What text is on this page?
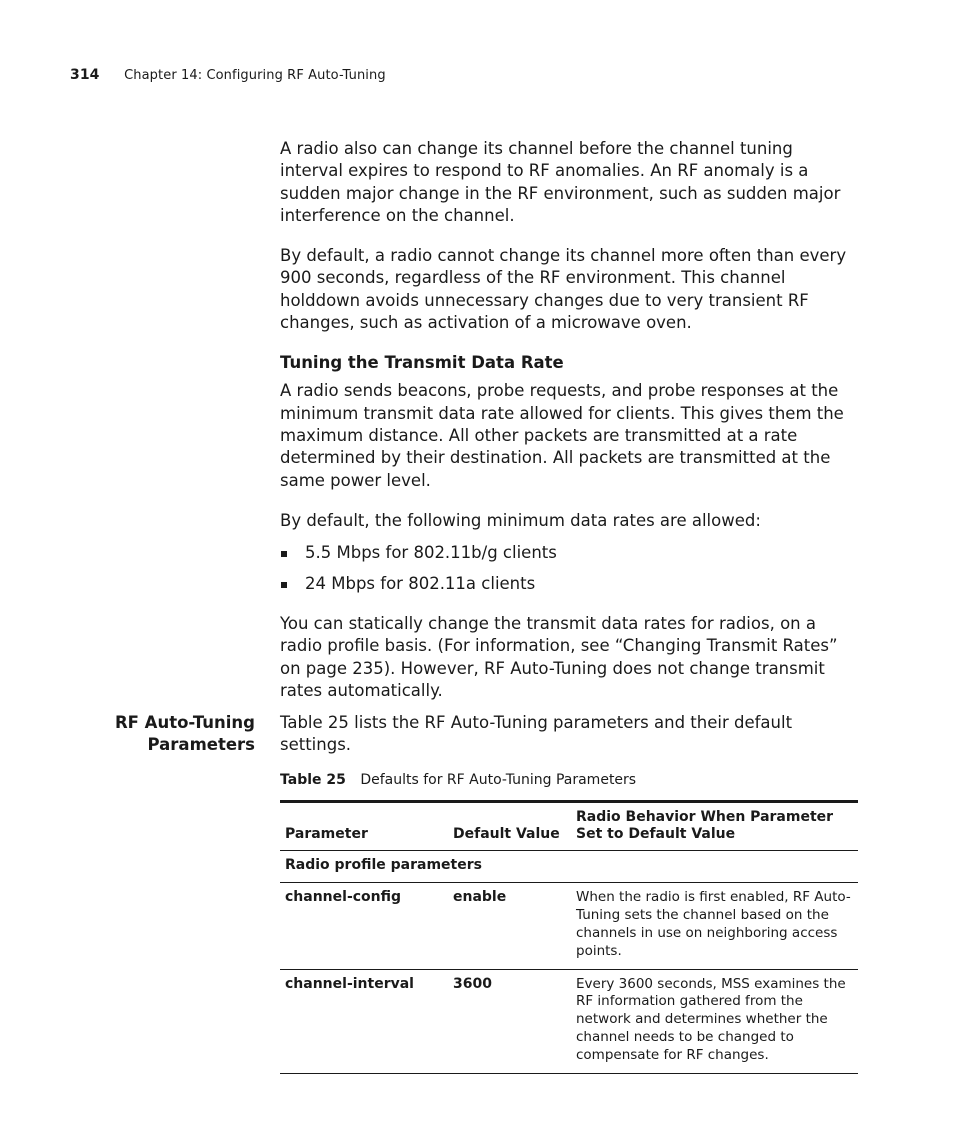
314 Chapter 14: Configuring RF Auto-Tuning

A radio also can change its channel before the channel tuning interval expires to respond to RF anomalies. An RF anomaly is a sudden major change in the RF environment, such as sudden major interference on the channel.

By default, a radio cannot change its channel more often than every 900 seconds, regardless of the RF environment. This channel holddown avoids unnecessary changes due to very transient RF changes, such as activation of a microwave oven.

Tuning the Transmit Data Rate

A radio sends beacons, probe requests, and probe responses at the minimum transmit data rate allowed for clients. This gives them the maximum distance. All other packets are transmitted at a rate determined by their destination. All packets are transmitted at the same power level.

By default, the following minimum data rates are allowed:

5.5 Mbps for 802.11b/g clients
24 Mbps for 802.11a clients

You can statically change the transmit data rates for radios, on a radio profile basis. (For information, see “Changing Transmit Rates” on page 235). However, RF Auto-Tuning does not change transmit rates automatically.

RF Auto-Tuning
Parameters

Table 25 lists the RF Auto-Tuning parameters and their default settings.

Table 25 Defaults for RF Auto-Tuning Parameters
Parameter	Default Value	Radio Behavior When Parameter Set to Default Value
Radio profile parameters		
channel-config	enable	When the radio is first enabled, RF Auto-Tuning sets the channel based on the channels in use on neighboring access points.
channel-interval	3600	Every 3600 seconds, MSS examines the RF information gathered from the network and determines whether the channel needs to be changed to compensate for RF changes.
